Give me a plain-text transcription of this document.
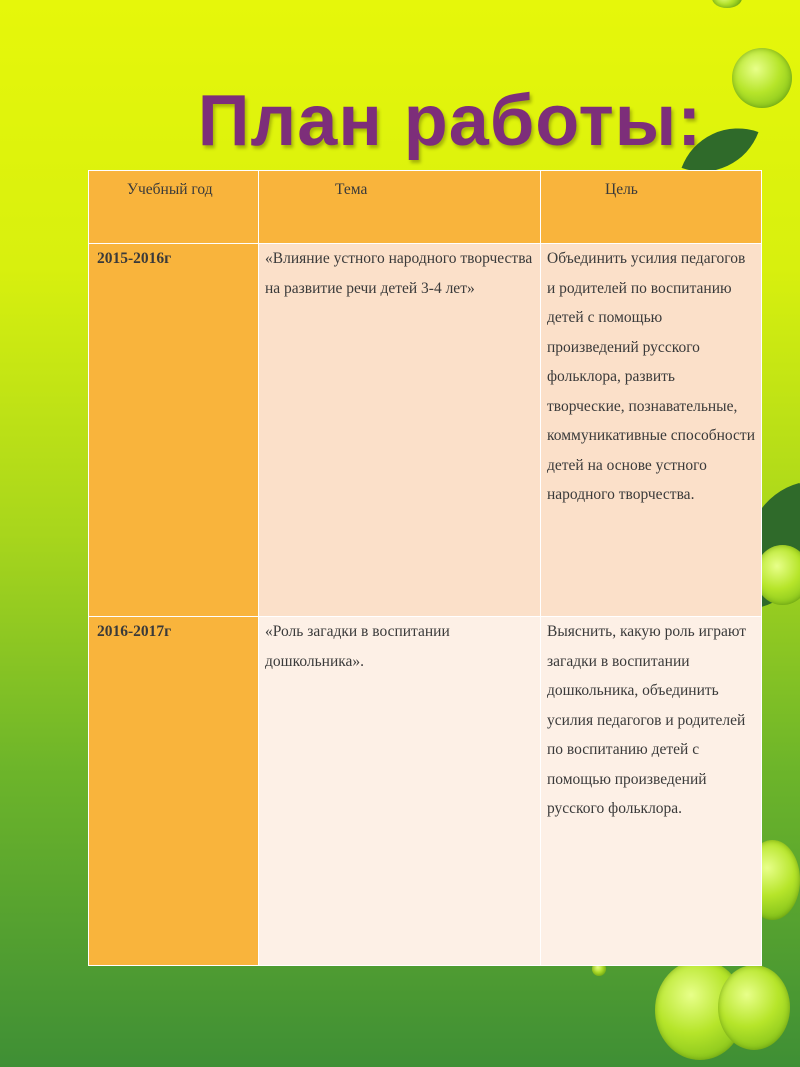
План работы:
Учебный год	Тема	Цель
2015-2016г	«Влияние устного народного творчества на развитие речи детей 3-4 лет»	Объединить усилия педагогов и родителей по воспитанию детей с помощью произведений русского фольклора, развить творческие, познавательные, коммуникативные способности детей на основе устного народного творчества.
2016-2017г	«Роль загадки в воспитании дошкольника».	Выяснить, какую роль играют загадки в воспитании дошкольника, объединить усилия педагогов и родителей по воспитанию детей с помощью произведений русского фольклора.
